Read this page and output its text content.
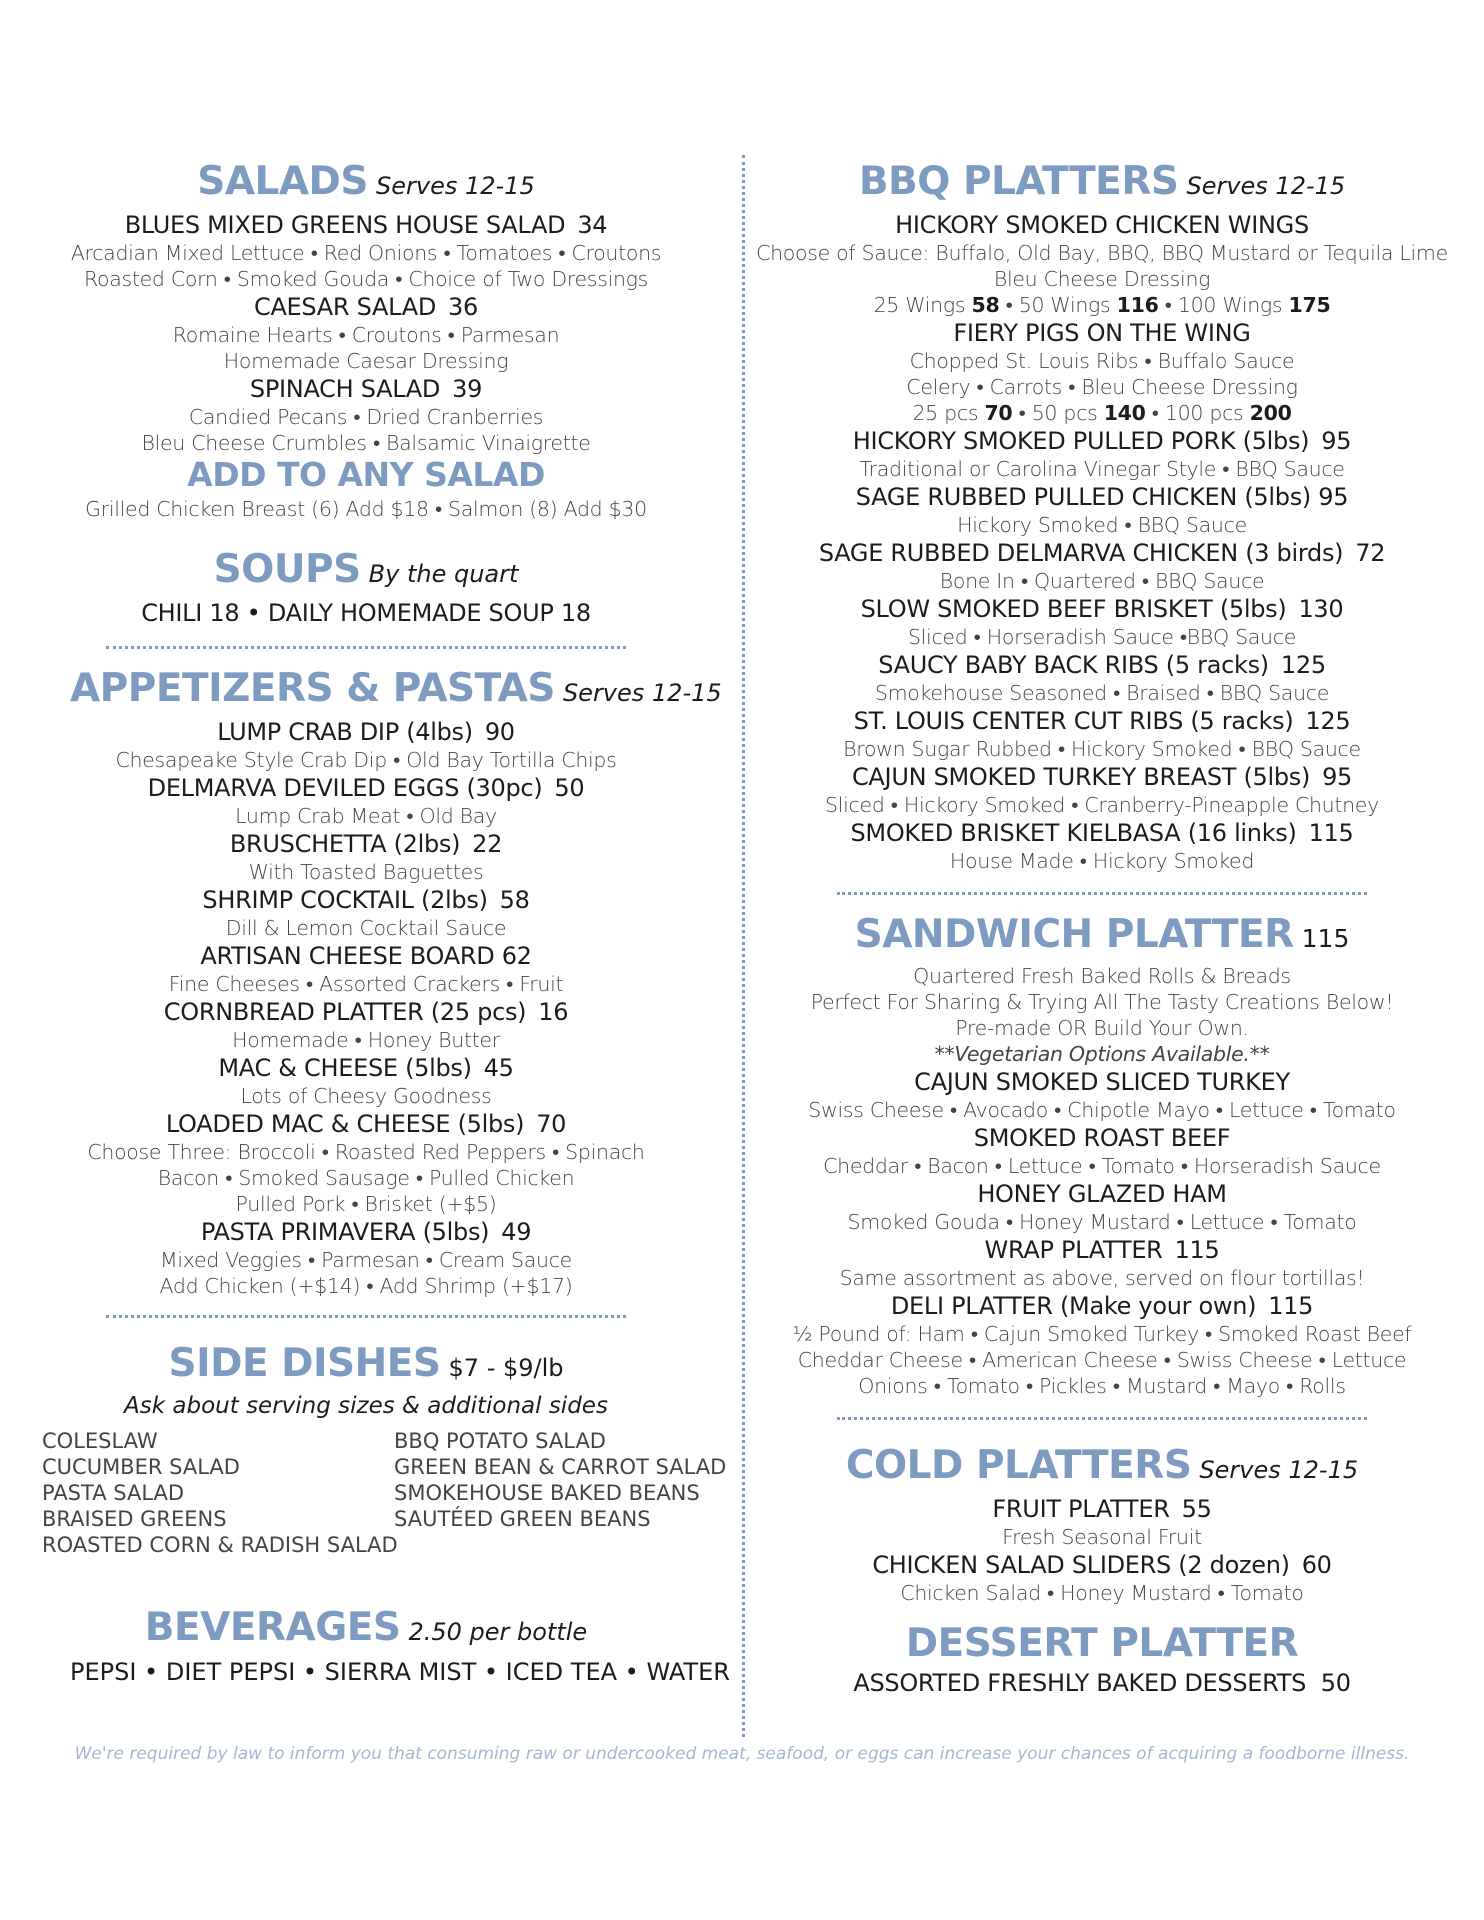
SALADS Serves 12-15
BLUES MIXED GREENS HOUSE SALAD 34
Arcadian Mixed Lettuce • Red Onions • Tomatoes • Croutons
Roasted Corn • Smoked Gouda • Choice of Two Dressings
CAESAR SALAD 36
Romaine Hearts • Croutons • Parmesan
Homemade Caesar Dressing
SPINACH SALAD 39
Candied Pecans • Dried Cranberries
Bleu Cheese Crumbles • Balsamic Vinaigrette
ADD TO ANY SALAD
Grilled Chicken Breast (6) Add $18 • Salmon (8) Add $30
SOUPS By the quart
CHILI 18 • DAILY HOMEMADE SOUP 18
APPETIZERS & PASTAS Serves 12-15
LUMP CRAB DIP (4lbs) 90
Chesapeake Style Crab Dip • Old Bay Tortilla Chips
DELMARVA DEVILED EGGS (30pc) 50
Lump Crab Meat • Old Bay
BRUSCHETTA (2lbs) 22
With Toasted Baguettes
SHRIMP COCKTAIL (2lbs) 58
Dill & Lemon Cocktail Sauce
ARTISAN CHEESE BOARD 62
Fine Cheeses • Assorted Crackers • Fruit
CORNBREAD PLATTER (25 pcs) 16
Homemade • Honey Butter
MAC & CHEESE (5lbs) 45
Lots of Cheesy Goodness
LOADED MAC & CHEESE (5lbs) 70
Choose Three: Broccoli • Roasted Red Peppers • Spinach
Bacon • Smoked Sausage • Pulled Chicken
Pulled Pork • Brisket (+$5)
PASTA PRIMAVERA (5lbs) 49
Mixed Veggies • Parmesan • Cream Sauce
Add Chicken (+$14) • Add Shrimp (+$17)
SIDE DISHES $7 - $9/lb
Ask about serving sizes & additional sides
COLESLAW
CUCUMBER SALAD
PASTA SALAD
BRAISED GREENS
ROASTED CORN & RADISH SALAD
BBQ POTATO SALAD
GREEN BEAN & CARROT SALAD
SMOKEHOUSE BAKED BEANS
SAUTÉED GREEN BEANS
BEVERAGES 2.50 per bottle
PEPSI • DIET PEPSI • SIERRA MIST • ICED TEA • WATER
BBQ PLATTERS Serves 12-15
HICKORY SMOKED CHICKEN WINGS
Choose of Sauce: Buffalo, Old Bay, BBQ, BBQ Mustard or Tequila Lime
Bleu Cheese Dressing
25 Wings 58 • 50 Wings 116 • 100 Wings 175
FIERY PIGS ON THE WING
Chopped St. Louis Ribs • Buffalo Sauce
Celery • Carrots • Bleu Cheese Dressing
25 pcs 70 • 50 pcs 140 • 100 pcs 200
HICKORY SMOKED PULLED PORK (5lbs) 95
Traditional or Carolina Vinegar Style • BBQ Sauce
SAGE RUBBED PULLED CHICKEN (5lbs) 95
Hickory Smoked • BBQ Sauce
SAGE RUBBED DELMARVA CHICKEN (3 birds) 72
Bone In • Quartered • BBQ Sauce
SLOW SMOKED BEEF BRISKET (5lbs) 130
Sliced • Horseradish Sauce •BBQ Sauce
SAUCY BABY BACK RIBS (5 racks) 125
Smokehouse Seasoned • Braised • BBQ Sauce
ST. LOUIS CENTER CUT RIBS (5 racks) 125
Brown Sugar Rubbed • Hickory Smoked • BBQ Sauce
CAJUN SMOKED TURKEY BREAST (5lbs) 95
Sliced • Hickory Smoked • Cranberry-Pineapple Chutney
SMOKED BRISKET KIELBASA (16 links) 115
House Made • Hickory Smoked
SANDWICH PLATTER 115
Quartered Fresh Baked Rolls & Breads
Perfect For Sharing & Trying All The Tasty Creations Below!
Pre-made OR Build Your Own.
**Vegetarian Options Available.**
CAJUN SMOKED SLICED TURKEY
Swiss Cheese • Avocado • Chipotle Mayo • Lettuce • Tomato
SMOKED ROAST BEEF
Cheddar • Bacon • Lettuce • Tomato • Horseradish Sauce
HONEY GLAZED HAM
Smoked Gouda • Honey Mustard • Lettuce • Tomato
WRAP PLATTER 115
Same assortment as above, served on flour tortillas!
DELI PLATTER (Make your own) 115
½ Pound of: Ham • Cajun Smoked Turkey • Smoked Roast Beef
Cheddar Cheese • American Cheese • Swiss Cheese • Lettuce
Onions • Tomato • Pickles • Mustard • Mayo • Rolls
COLD PLATTERS Serves 12-15
FRUIT PLATTER 55
Fresh Seasonal Fruit
CHICKEN SALAD SLIDERS (2 dozen) 60
Chicken Salad • Honey Mustard • Tomato
DESSERT PLATTER
ASSORTED FRESHLY BAKED DESSERTS  50
We're required by law to inform you that consuming raw or undercooked meat, seafood, or eggs can increase your chances of acquiring a foodborne illness.
